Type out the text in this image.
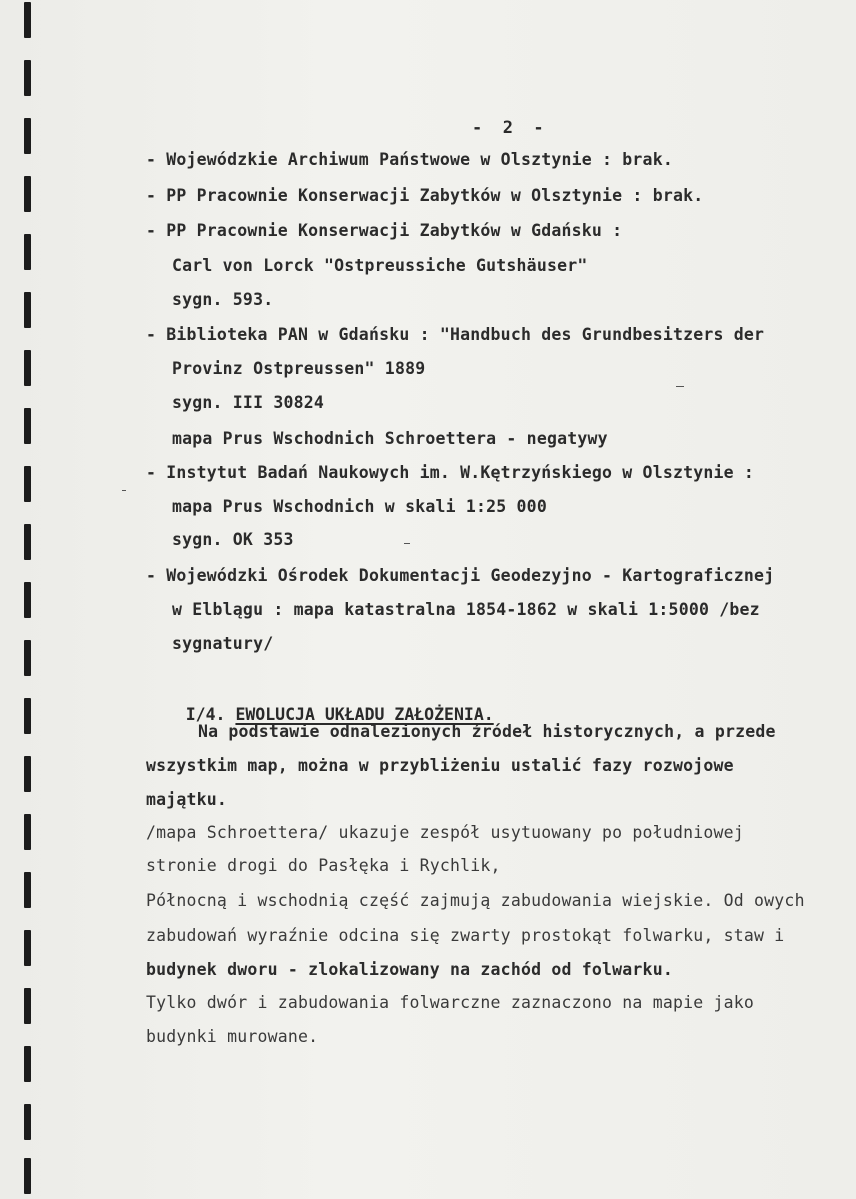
-  2  -
- Wojewódzkie Archiwum Państwowe w Olsztynie : brak.
- PP Pracownie Konserwacji Zabytków w Olsztynie : brak.
- PP Pracownie Konserwacji Zabytków w Gdańsku :
Carl von Lorck "Ostpreussiche Gutshäuser"
sygn. 593.
- Biblioteka PAN w Gdańsku : "Handbuch des Grundbesitzers der
Provinz Ostpreussen" 1889
sygn. III 30824
mapa Prus Wschodnich Schroettera - negatywy
- Instytut Badań Naukowych im. W.Kętrzyńskiego w Olsztynie :
mapa Prus Wschodnich w skali 1:25 000
sygn. OK 353
- Wojewódzki Ośrodek Dokumentacji Geodezyjno - Kartograficznej
w Elblągu : mapa katastralna 1854-1862 w skali 1:5000 /bez
sygnatury/

I/4. EWOLUCJA UKŁADU ZAŁOŻENIA.

Na podstawie odnalezionych źródeł historycznych, a przede
wszystkim map, można w przybliżeniu ustalić fazy rozwojowe
majątku.
/mapa Schroettera/ ukazuje zespół usytuowany po południowej
stronie drogi do Pasłęka i Rychlik,
Północną i wschodnią część zajmują zabudowania wiejskie. Od owych
zabudowań wyraźnie odcina się zwarty prostokąt folwarku, staw i
budynek dworu - zlokalizowany na zachód od folwarku.
Tylko dwór i zabudowania folwarczne zaznaczono na mapie jako
budynki murowane.
